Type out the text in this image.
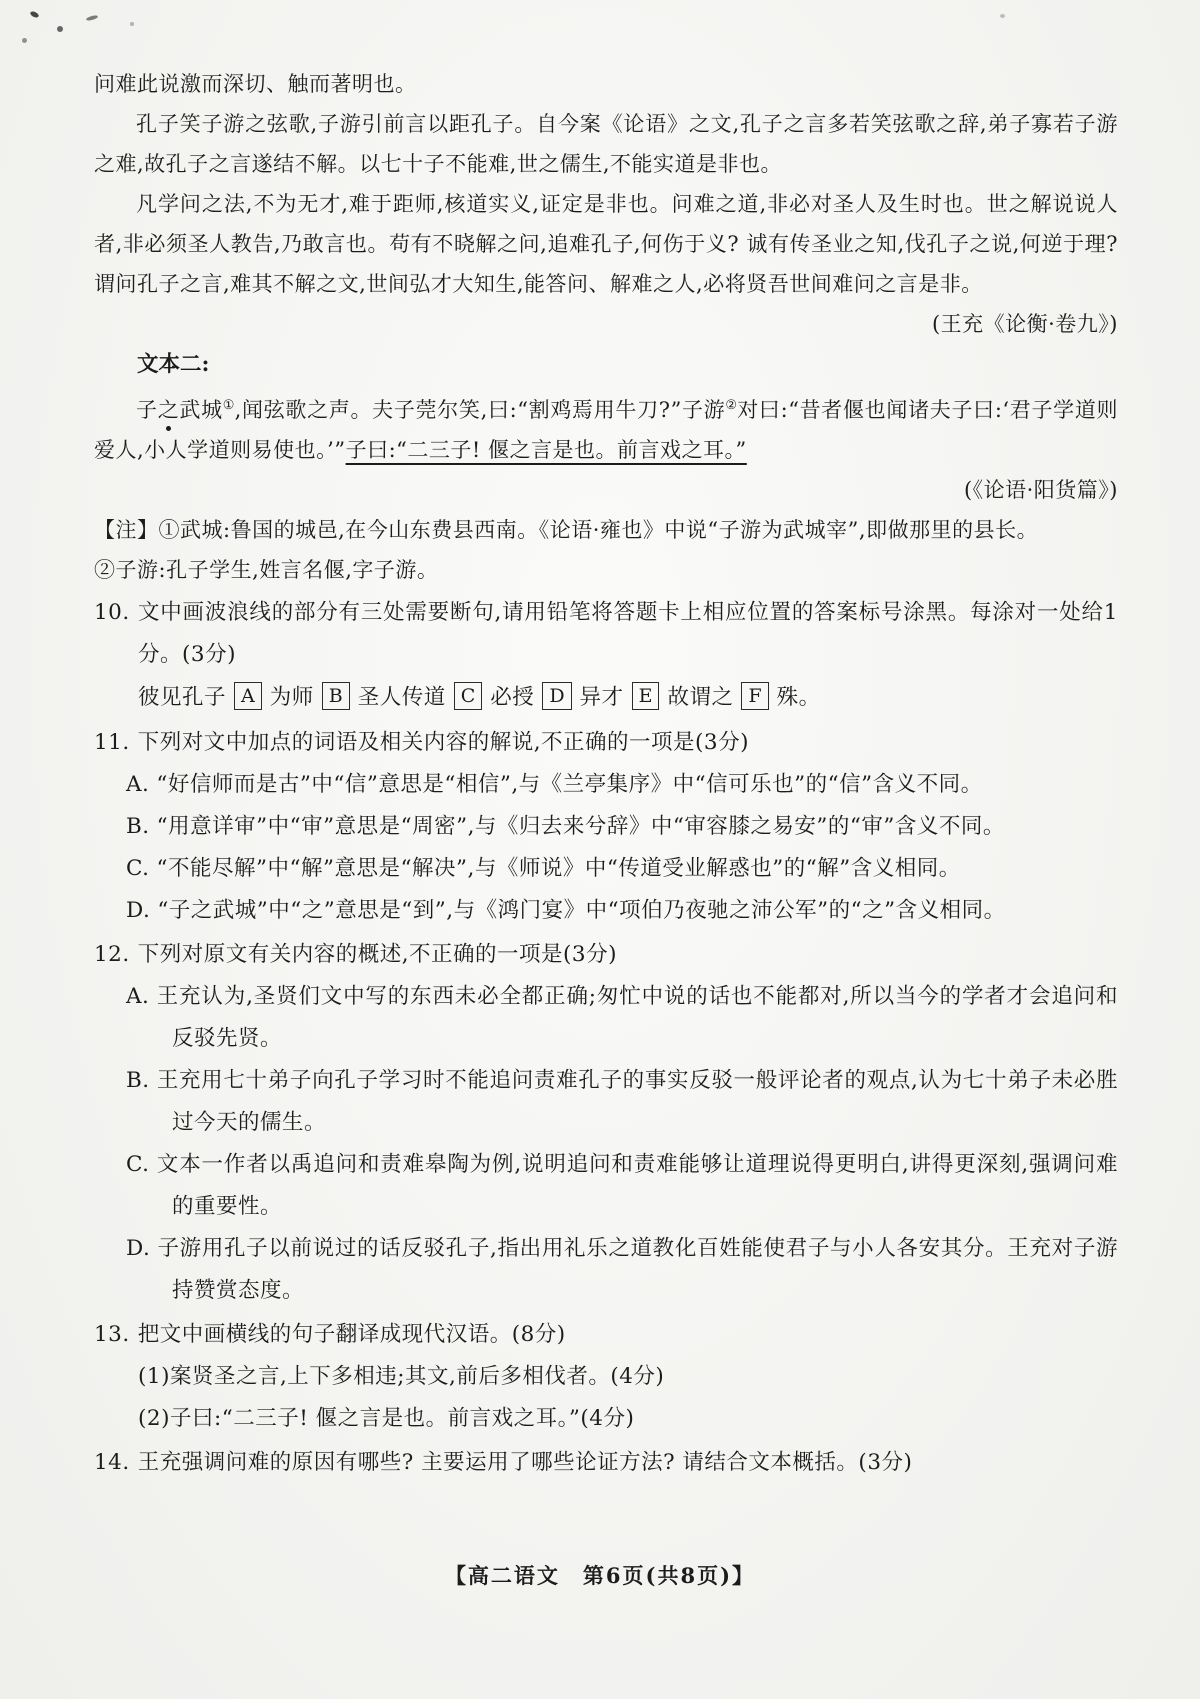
问难此说激而深切、触而著明也。

孔子笑子游之弦歌,子游引前言以距孔子。自今案《论语》之文,孔子之言多若笑弦歌之辞,弟子寡若子游之难,故孔子之言遂结不解。以七十子不能难,世之儒生,不能实道是非也。

凡学问之法,不为无才,难于距师,核道实义,证定是非也。问难之道,非必对圣人及生时也。世之解说说人者,非必须圣人教告,乃敢言也。苟有不晓解之问,追难孔子,何伤于义? 诚有传圣业之知,伐孔子之说,何逆于理? 谓问孔子之言,难其不解之文,世间弘才大知生,能答问、解难之人,必将贤吾世间难问之言是非。

(王充《论衡·卷九》)

文本二:

子之武城①,闻弦歌之声。夫子莞尔笑,曰:“割鸡焉用牛刀?”子游②对曰:“昔者偃也闻诸夫子曰:‘君子学道则爱人,小人学道则易使也。’”子曰:“二三子! 偃之言是也。前言戏之耳。”

(《论语·阳货篇》)

【注】①武城:鲁国的城邑,在今山东费县西南。《论语·雍也》中说“子游为武城宰”,即做那里的县长。

②子游:孔子学生,姓言名偃,字子游。

10. 文中画波浪线的部分有三处需要断句,请用铅笔将答题卡上相应位置的答案标号涂黑。每涂对一处给1分。(3分)
彼见孔子 A 为师 B 圣人传道 C 必授 D 异才 E 故谓之 F 殊。
11. 下列对文中加点的词语及相关内容的解说,不正确的一项是(3分)
A. “好信师而是古”中“信”意思是“相信”,与《兰亭集序》中“信可乐也”的“信”含义不同。
B. “用意详审”中“审”意思是“周密”,与《归去来兮辞》中“审容膝之易安”的“审”含义不同。
C. “不能尽解”中“解”意思是“解决”,与《师说》中“传道受业解惑也”的“解”含义相同。
D. “子之武城”中“之”意思是“到”,与《鸿门宴》中“项伯乃夜驰之沛公军”的“之”含义相同。
12. 下列对原文有关内容的概述,不正确的一项是(3分)
A. 王充认为,圣贤们文中写的东西未必全都正确;匆忙中说的话也不能都对,所以当今的学者才会追问和反驳先贤。
B. 王充用七十弟子向孔子学习时不能追问责难孔子的事实反驳一般评论者的观点,认为七十弟子未必胜过今天的儒生。
C. 文本一作者以禹追问和责难皋陶为例,说明追问和责难能够让道理说得更明白,讲得更深刻,强调问难的重要性。
D. 子游用孔子以前说过的话反驳孔子,指出用礼乐之道教化百姓能使君子与小人各安其分。王充对子游持赞赏态度。
13. 把文中画横线的句子翻译成现代汉语。(8分)
(1)案贤圣之言,上下多相违;其文,前后多相伐者。(4分)
(2)子曰:“二三子! 偃之言是也。前言戏之耳。”(4分)
14. 王充强调问难的原因有哪些? 主要运用了哪些论证方法? 请结合文本概括。(3分)
【高二语文　第6页(共8页)】
